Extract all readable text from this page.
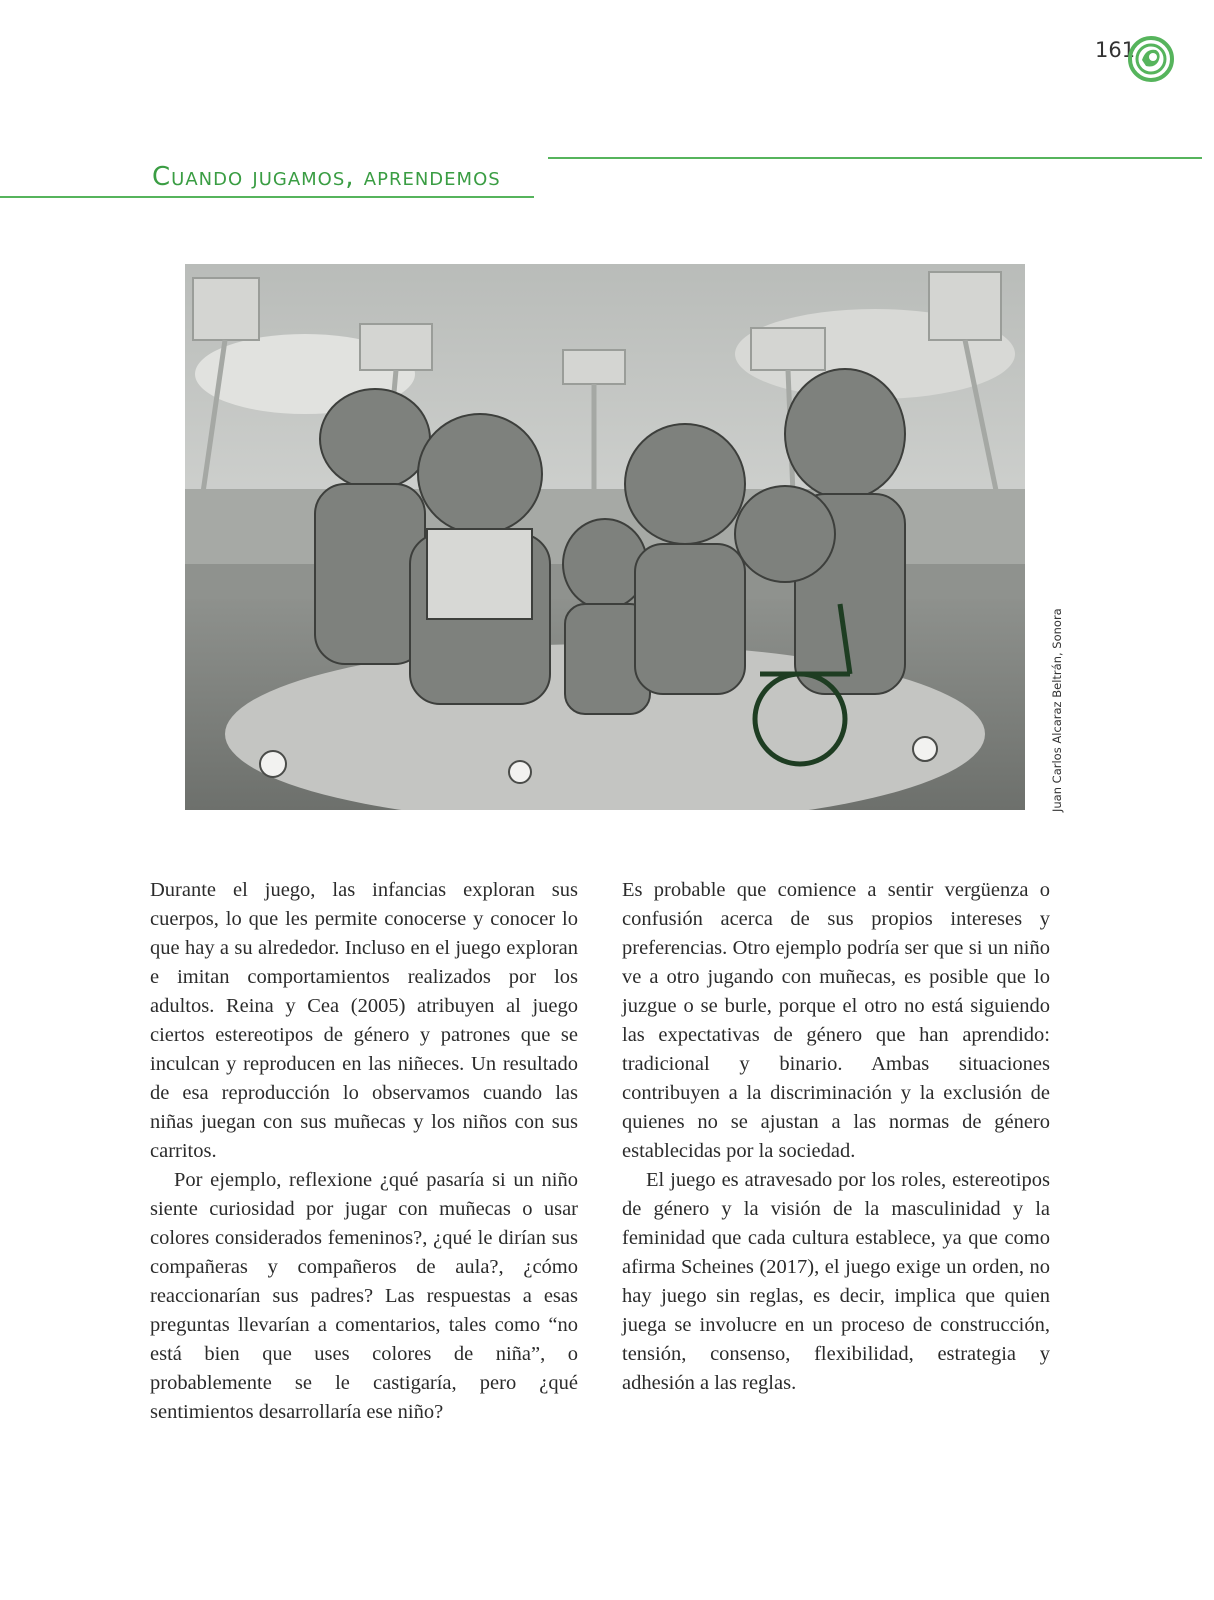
161
Cuando jugamos, aprendemos
Juan Carlos Alcaraz Beltrán, Sonora

Durante el juego, las infancias exploran sus cuerpos, lo que les permite conocerse y conocer lo que hay a su alrededor. Incluso en el juego exploran e imitan comportamientos realizados por los adultos. Reina y Cea (2005) atribuyen al juego ciertos estereotipos de género y patrones que se inculcan y reproducen en las niñeces. Un resultado de esa reproducción lo observamos cuando las niñas juegan con sus muñecas y los niños con sus carritos.

Por ejemplo, reflexione ¿qué pasaría si un niño siente curiosidad por jugar con muñecas o usar colores considerados femeninos?, ¿qué le dirían sus compañeras y compañeros de aula?, ¿cómo reaccionarían sus padres? Las respuestas a esas preguntas llevarían a comentarios, tales como “no está bien que uses colores de niña”, o probablemente se le castigaría, pero ¿qué sentimientos desarrollaría ese niño?

Es probable que comience a sentir vergüenza o confusión acerca de sus propios intereses y preferencias. Otro ejemplo podría ser que si un niño ve a otro jugando con muñecas, es posible que lo juzgue o se burle, porque el otro no está siguiendo las expectativas de género que han aprendido: tradicional y binario. Ambas situaciones contribuyen a la discriminación y la exclusión de quienes no se ajustan a las normas de género establecidas por la sociedad.

El juego es atravesado por los roles, estereotipos de género y la visión de la masculinidad y la feminidad que cada cultura establece, ya que como afirma Scheines (2017), el juego exige un orden, no hay juego sin reglas, es decir, implica que quien juega se involucre en un proceso de construcción, tensión, consenso, flexibilidad, estrategia y adhesión a las reglas.
